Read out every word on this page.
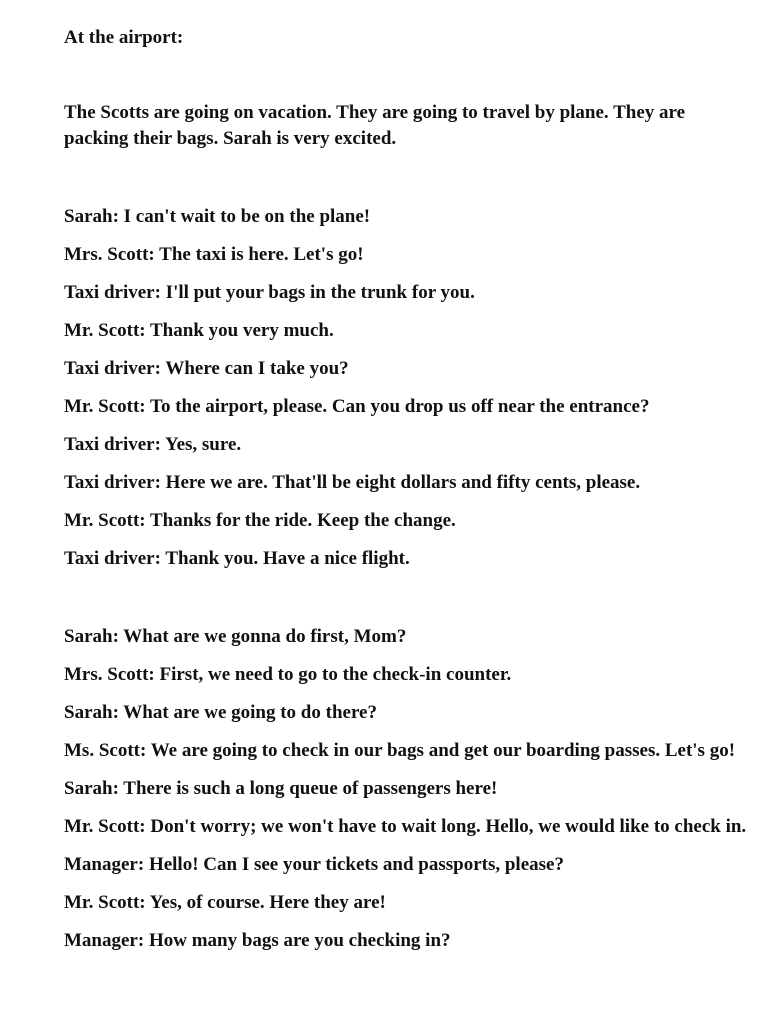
At the airport:

The Scotts are going on vacation. They are going to travel by plane. They are packing their bags. Sarah is very excited.

Sarah: I can't wait to be on the plane!

Mrs. Scott: The taxi is here. Let's go!

Taxi driver: I'll put your bags in the trunk for you.

Mr. Scott: Thank you very much.

Taxi driver: Where can I take you?

Mr. Scott: To the airport, please. Can you drop us off near the entrance?

Taxi driver: Yes, sure.

Taxi driver: Here we are. That'll be eight dollars and fifty cents, please.

Mr. Scott: Thanks for the ride. Keep the change.

Taxi driver: Thank you. Have a nice flight.

Sarah: What are we gonna do first, Mom?

Mrs. Scott: First, we need to go to the check-in counter.

Sarah: What are we going to do there?

Ms. Scott: We are going to check in our bags and get our boarding passes. Let's go!

Sarah: There is such a long queue of passengers here!

Mr. Scott: Don't worry; we won't have to wait long. Hello, we would like to check in.

Manager: Hello! Can I see your tickets and passports, please?

Mr. Scott: Yes, of course. Here they are!

Manager: How many bags are you checking in?
